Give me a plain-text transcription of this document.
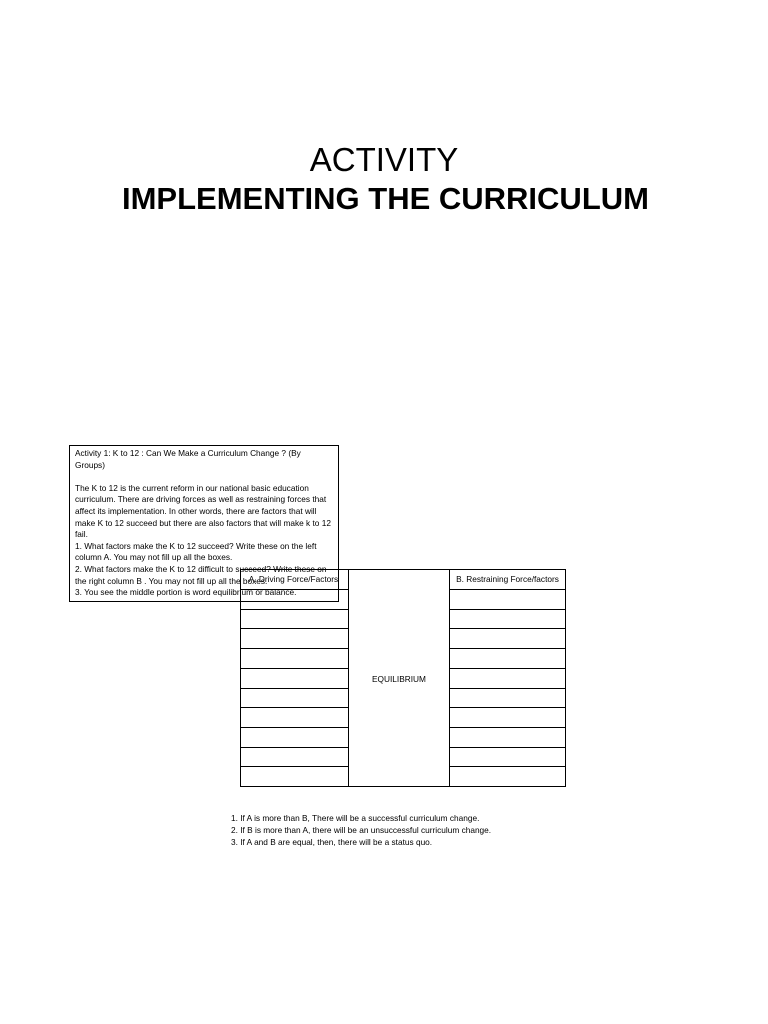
ACTIVITY
IMPLEMENTING THE CURRICULUM
A. Driving Force/Factors
EQUILIBRIUM
B. Restraining Force/factors

Activity 1: K to 12 : Can We Make a Curriculum Change ? (By Groups)

The K to 12 is the current reform in our national basic education curriculum. There are driving forces as well as restraining forces that affect its implementation. In other words, there are factors that will make K to 12 succeed but there are also factors that will make k to 12 fail.

1. What factors make the K to 12 succeed? Write these on the left column A. You may not fill up all the boxes.

2. What factors make the K to 12 difficult to succeed? Write these on the right column B . You may not fill up all the boxes.

3. You see the middle portion is word equilibrium or balance.

1. If A is more than B, There will be a successful curriculum change.
2. If B is more than A, there will be an unsuccessful curriculum change.
3. If A and B are equal, then, there will be a status quo.
